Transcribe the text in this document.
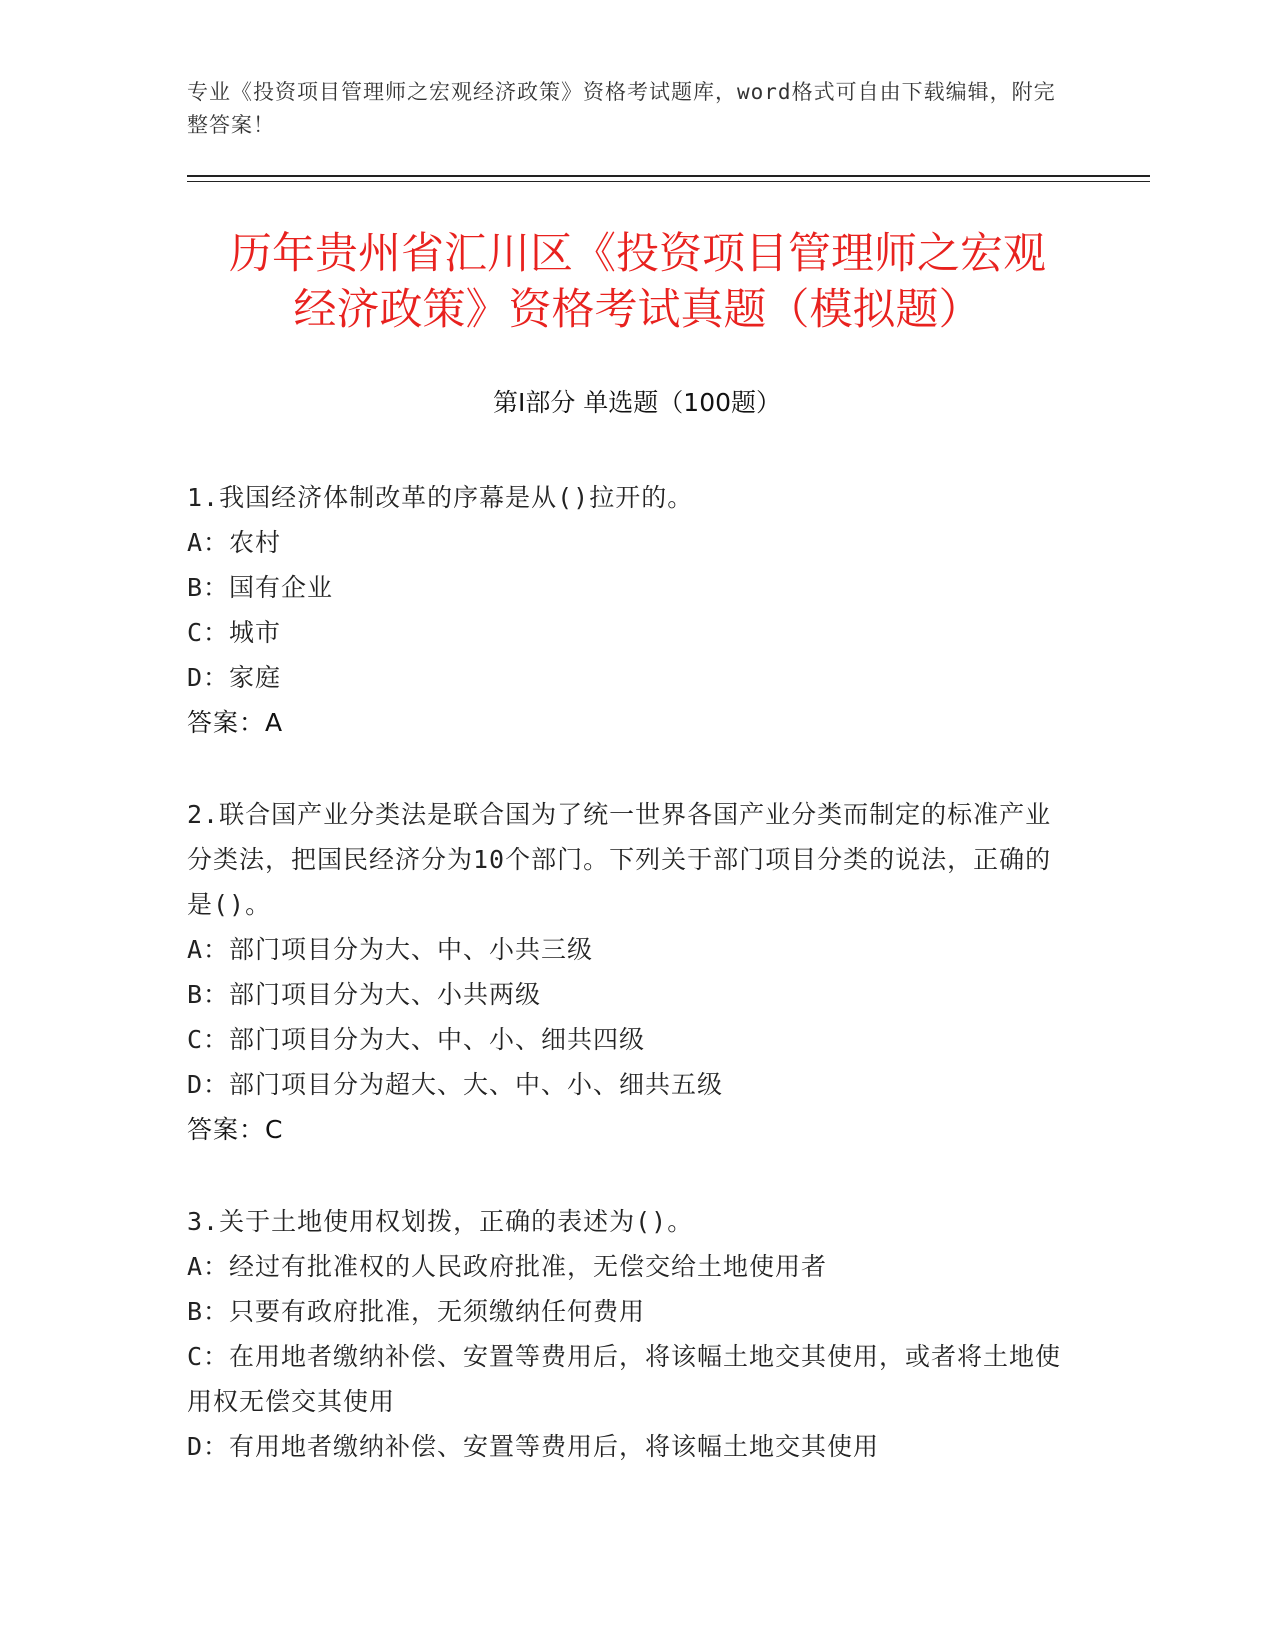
专业《投资项目管理师之宏观经济政策》资格考试题库，word格式可自由下载编辑，附完整答案！
历年贵州省汇川区《投资项目管理师之宏观
经济政策》资格考试真题（模拟题）
第Ⅰ部分 单选题（100题）
1.我国经济体制改革的序幕是从()拉开的。
A：农村
B：国有企业
C：城市
D：家庭
答案：A
2.联合国产业分类法是联合国为了统一世界各国产业分类而制定的标准产业分类法，把国民经济分为10个部门。下列关于部门项目分类的说法，正确的是()。
A：部门项目分为大、中、小共三级
B：部门项目分为大、小共两级
C：部门项目分为大、中、小、细共四级
D：部门项目分为超大、大、中、小、细共五级
答案：C
3.关于土地使用权划拨，正确的表述为()。
A：经过有批准权的人民政府批准，无偿交给土地使用者
B：只要有政府批准，无须缴纳任何费用
C：在用地者缴纳补偿、安置等费用后，将该幅土地交其使用，或者将土地使用权无偿交其使用
D：有用地者缴纳补偿、安置等费用后，将该幅土地交其使用
